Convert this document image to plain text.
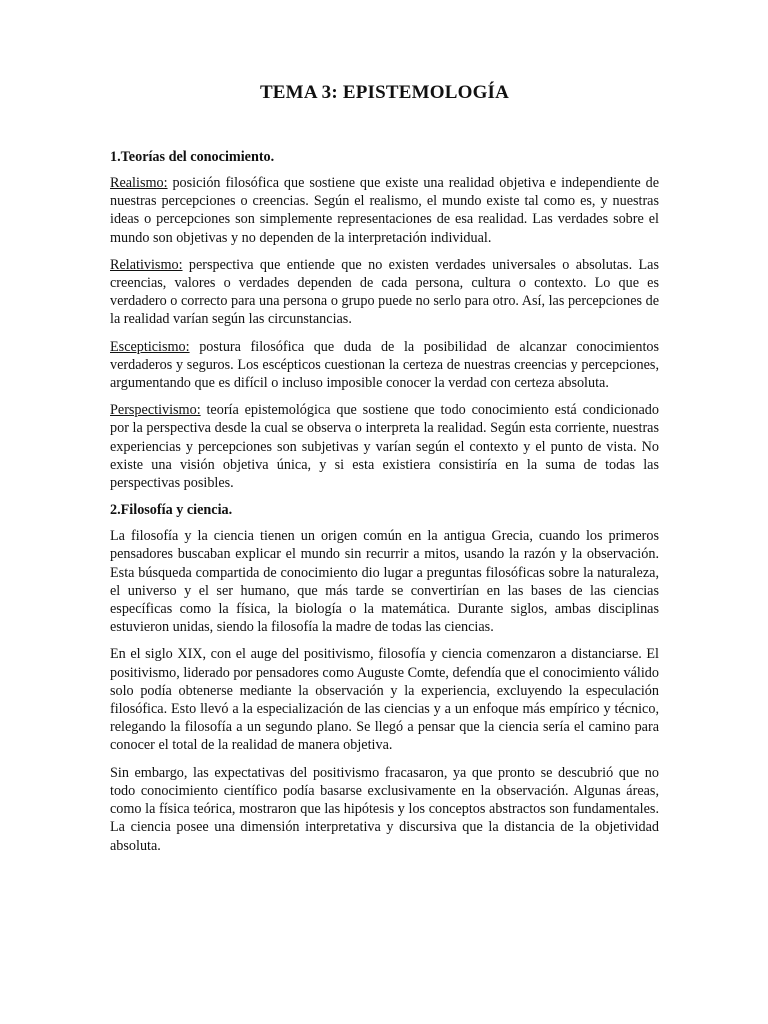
TEMA 3: EPISTEMOLOGÍA
1.Teorías del conocimiento.

Realismo: posición filosófica que sostiene que existe una realidad objetiva e independiente de nuestras percepciones o creencias. Según el realismo, el mundo existe tal como es, y nuestras ideas o percepciones son simplemente representaciones de esa realidad. Las verdades sobre el mundo son objetivas y no dependen de la interpretación individual.

Relativismo: perspectiva que entiende que no existen verdades universales o absolutas. Las creencias, valores o verdades dependen de cada persona, cultura o contexto. Lo que es verdadero o correcto para una persona o grupo puede no serlo para otro. Así, las percepciones de la realidad varían según las circunstancias.

Escepticismo: postura filosófica que duda de la posibilidad de alcanzar conocimientos verdaderos y seguros. Los escépticos cuestionan la certeza de nuestras creencias y percepciones, argumentando que es difícil o incluso imposible conocer la verdad con certeza absoluta.

Perspectivismo: teoría epistemológica que sostiene que todo conocimiento está condicionado por la perspectiva desde la cual se observa o interpreta la realidad. Según esta corriente, nuestras experiencias y percepciones son subjetivas y varían según el contexto y el punto de vista. No existe una visión objetiva única, y si esta existiera consistiría en la suma de todas las perspectivas posibles.

2.Filosofía y ciencia.

La filosofía y la ciencia tienen un origen común en la antigua Grecia, cuando los primeros pensadores buscaban explicar el mundo sin recurrir a mitos, usando la razón y la observación. Esta búsqueda compartida de conocimiento dio lugar a preguntas filosóficas sobre la naturaleza, el universo y el ser humano, que más tarde se convertirían en las bases de las ciencias específicas como la física, la biología o la matemática. Durante siglos, ambas disciplinas estuvieron unidas, siendo la filosofía la madre de todas las ciencias.

En el siglo XIX, con el auge del positivismo, filosofía y ciencia comenzaron a distanciarse. El positivismo, liderado por pensadores como Auguste Comte, defendía que el conocimiento válido solo podía obtenerse mediante la observación y la experiencia, excluyendo la especulación filosófica. Esto llevó a la especialización de las ciencias y a un enfoque más empírico y técnico, relegando la filosofía a un segundo plano. Se llegó a pensar que la ciencia sería el camino para conocer el total de la realidad de manera objetiva.

Sin embargo, las expectativas del positivismo fracasaron, ya que pronto se descubrió que no todo conocimiento científico podía basarse exclusivamente en la observación. Algunas áreas, como la física teórica, mostraron que las hipótesis y los conceptos abstractos son fundamentales. La ciencia posee una dimensión interpretativa y discursiva que la distancia de la objetividad absoluta.
